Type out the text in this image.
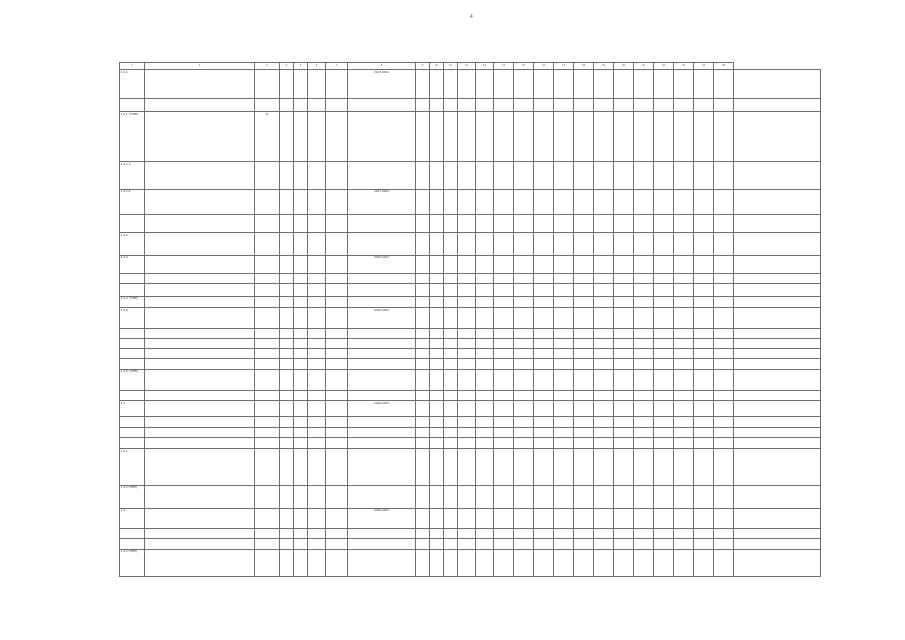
4
1	2	3	4	5	6	7	8	9	10	11	12	13	14	15	16	17	18	19	20	21	22	23	24	25	
1.2.1							2017-2024																		

1.2.1. (ППР)		%																							
1.2.1.1																									
1.2.1.2							2017-2024																		

1.2.2																									
1.2.3							2019-2024																		

1.2.4. (ППР)																									
1.2.5							2019-2024																		

1.2.5. (ППР)																									

1.3							2019-2024																		

1.3.1																									
1.3.1 (ППР)																									
1.4							2019-2024																		

1.4.1 (ППР)																									
